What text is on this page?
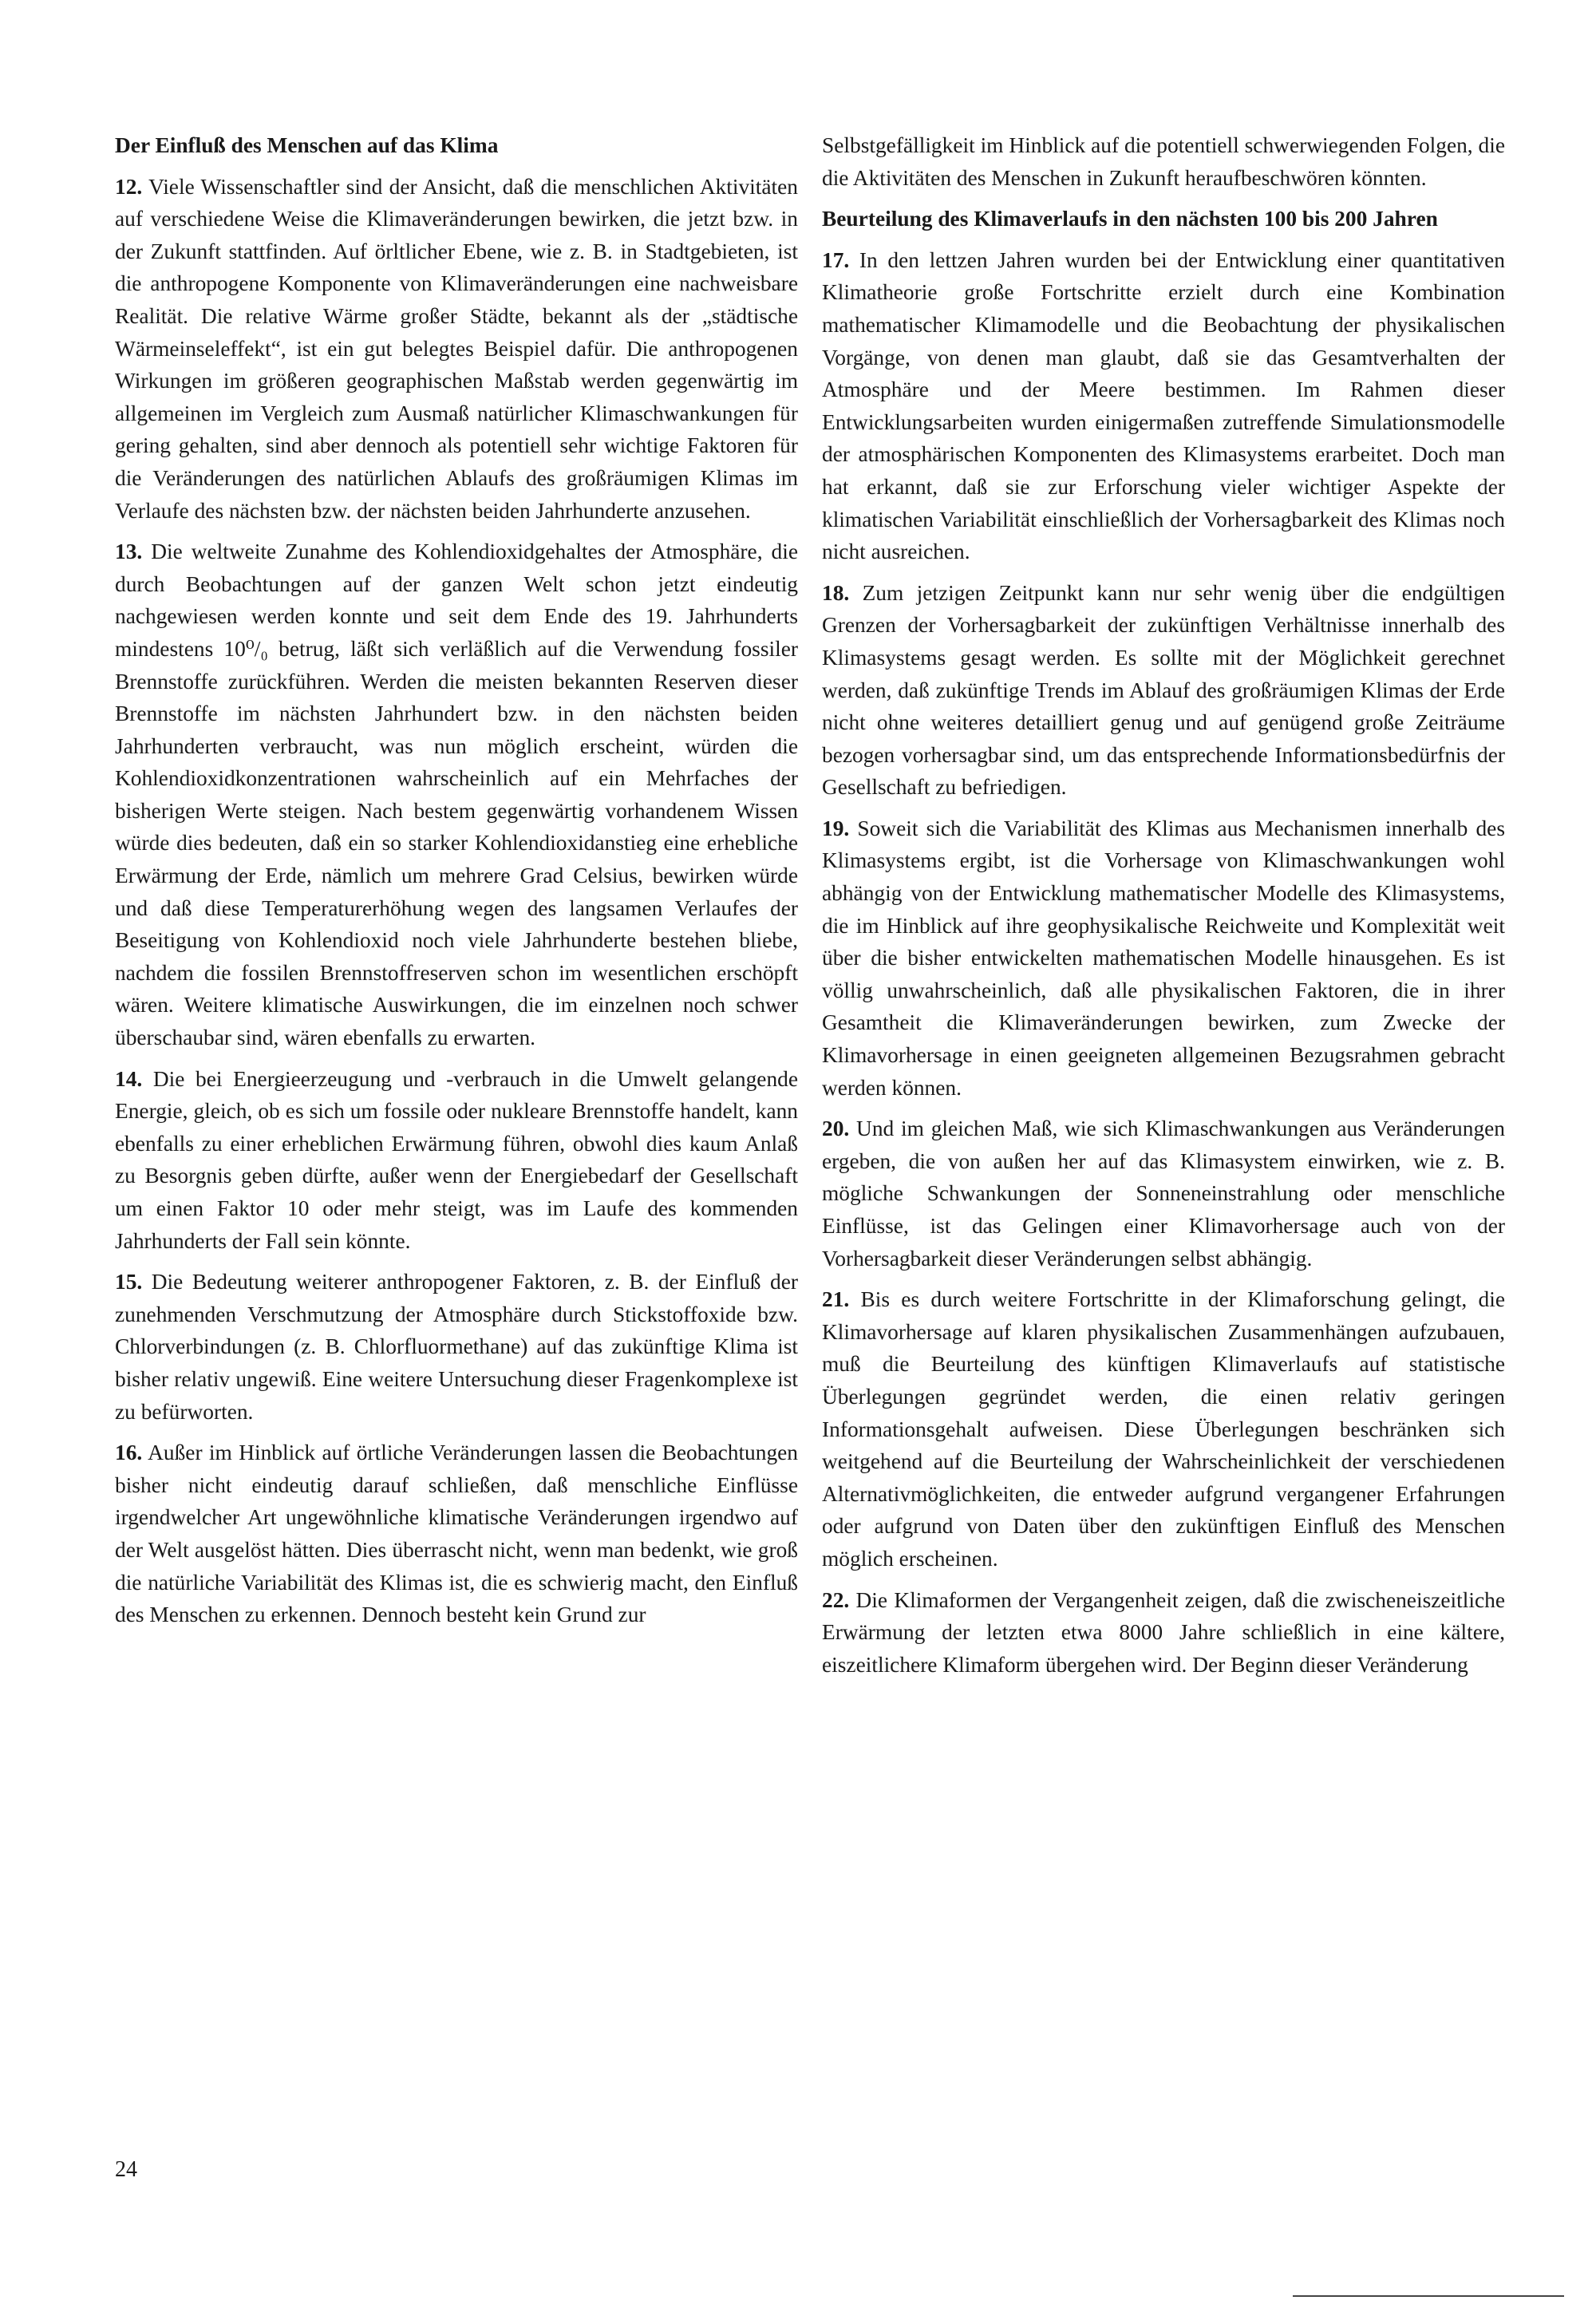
Der Einfluß des Menschen auf das Klima

12. Viele Wissenschaftler sind der Ansicht, daß die menschlichen Aktivitäten auf verschiedene Weise die Klimaveränderungen bewirken, die jetzt bzw. in der Zukunft stattfinden. Auf örltlicher Ebene, wie z. B. in Stadtgebieten, ist die anthropogene Komponente von Klimaveränderungen eine nachweisbare Realität. Die relative Wärme großer Städte, bekannt als der „städtische Wärmeinseleffekt“, ist ein gut belegtes Beispiel dafür. Die anthropogenen Wirkungen im größeren geographischen Maßstab werden gegenwärtig im allgemeinen im Vergleich zum Ausmaß natürlicher Klimaschwankungen für gering gehalten, sind aber dennoch als potentiell sehr wichtige Faktoren für die Veränderungen des natürlichen Ablaufs des großräumigen Klimas im Verlaufe des nächsten bzw. der nächsten beiden Jahrhunderte anzusehen.

13. Die weltweite Zunahme des Kohlendioxidgehaltes der Atmosphäre, die durch Beobachtungen auf der ganzen Welt schon jetzt eindeutig nachgewiesen werden konnte und seit dem Ende des 19. Jahrhunderts mindestens 10⁰/₀ betrug, läßt sich verläßlich auf die Verwendung fossiler Brennstoffe zurückführen. Werden die meisten bekannten Reserven dieser Brennstoffe im nächsten Jahrhundert bzw. in den nächsten beiden Jahrhunderten verbraucht, was nun möglich erscheint, würden die Kohlendioxidkonzentrationen wahrscheinlich auf ein Mehrfaches der bisherigen Werte steigen. Nach bestem gegenwärtig vorhandenem Wissen würde dies bedeuten, daß ein so starker Kohlendioxidanstieg eine erhebliche Erwärmung der Erde, nämlich um mehrere Grad Celsius, bewirken würde und daß diese Temperaturerhöhung wegen des langsamen Verlaufes der Beseitigung von Kohlendioxid noch viele Jahrhunderte bestehen bliebe, nachdem die fossilen Brennstoffreserven schon im wesentlichen erschöpft wären. Weitere klimatische Auswirkungen, die im einzelnen noch schwer überschaubar sind, wären ebenfalls zu erwarten.

14. Die bei Energieerzeugung und -verbrauch in die Umwelt gelangende Energie, gleich, ob es sich um fossile oder nukleare Brennstoffe handelt, kann ebenfalls zu einer erheblichen Erwärmung führen, obwohl dies kaum Anlaß zu Besorgnis geben dürfte, außer wenn der Energiebedarf der Gesellschaft um einen Faktor 10 oder mehr steigt, was im Laufe des kommenden Jahrhunderts der Fall sein könnte.

15. Die Bedeutung weiterer anthropogener Faktoren, z. B. der Einfluß der zunehmenden Verschmutzung der Atmosphäre durch Stickstoffoxide bzw. Chlorverbindungen (z. B. Chlorfluormethane) auf das zukünftige Klima ist bisher relativ ungewiß. Eine weitere Untersuchung dieser Fragenkomplexe ist zu befürworten.

16. Außer im Hinblick auf örtliche Veränderungen lassen die Beobachtungen bisher nicht eindeutig darauf schließen, daß menschliche Einflüsse irgendwelcher Art ungewöhnliche klimatische Veränderungen irgendwo auf der Welt ausgelöst hätten. Dies überrascht nicht, wenn man bedenkt, wie groß die natürliche Variabilität des Klimas ist, die es schwierig macht, den Einfluß des Menschen zu erkennen. Dennoch besteht kein Grund zur

Selbstgefälligkeit im Hinblick auf die potentiell schwerwiegenden Folgen, die die Aktivitäten des Menschen in Zukunft heraufbeschwören könnten.

Beurteilung des Klimaverlaufs in den nächsten 100 bis 200 Jahren

17. In den lettzen Jahren wurden bei der Entwicklung einer quantitativen Klimatheorie große Fortschritte erzielt durch eine Kombination mathematischer Klimamodelle und die Beobachtung der physikalischen Vorgänge, von denen man glaubt, daß sie das Gesamtverhalten der Atmosphäre und der Meere bestimmen. Im Rahmen dieser Entwicklungsarbeiten wurden einigermaßen zutreffende Simulationsmodelle der atmosphärischen Komponenten des Klimasystems erarbeitet. Doch man hat erkannt, daß sie zur Erforschung vieler wichtiger Aspekte der klimatischen Variabilität einschließlich der Vorhersagbarkeit des Klimas noch nicht ausreichen.

18. Zum jetzigen Zeitpunkt kann nur sehr wenig über die endgültigen Grenzen der Vorhersagbarkeit der zukünftigen Verhältnisse innerhalb des Klimasystems gesagt werden. Es sollte mit der Möglichkeit gerechnet werden, daß zukünftige Trends im Ablauf des großräumigen Klimas der Erde nicht ohne weiteres detailliert genug und auf genügend große Zeiträume bezogen vorhersagbar sind, um das entsprechende Informationsbedürfnis der Gesellschaft zu befriedigen.

19. Soweit sich die Variabilität des Klimas aus Mechanismen innerhalb des Klimasystems ergibt, ist die Vorhersage von Klimaschwankungen wohl abhängig von der Entwicklung mathematischer Modelle des Klimasystems, die im Hinblick auf ihre geophysikalische Reichweite und Komplexität weit über die bisher entwickelten mathematischen Modelle hinausgehen. Es ist völlig unwahrscheinlich, daß alle physikalischen Faktoren, die in ihrer Gesamtheit die Klimaveränderungen bewirken, zum Zwecke der Klimavorhersage in einen geeigneten allgemeinen Bezugsrahmen gebracht werden können.

20. Und im gleichen Maß, wie sich Klimaschwankungen aus Veränderungen ergeben, die von außen her auf das Klimasystem einwirken, wie z. B. mögliche Schwankungen der Sonneneinstrahlung oder menschliche Einflüsse, ist das Gelingen einer Klimavorhersage auch von der Vorhersagbarkeit dieser Veränderungen selbst abhängig.

21. Bis es durch weitere Fortschritte in der Klimaforschung gelingt, die Klimavorhersage auf klaren physikalischen Zusammenhängen aufzubauen, muß die Beurteilung des künftigen Klimaverlaufs auf statistische Überlegungen gegründet werden, die einen relativ geringen Informationsgehalt aufweisen. Diese Überlegungen beschränken sich weitgehend auf die Beurteilung der Wahrscheinlichkeit der verschiedenen Alternativmöglichkeiten, die entweder aufgrund vergangener Erfahrungen oder aufgrund von Daten über den zukünftigen Einfluß des Menschen möglich erscheinen.

22. Die Klimaformen der Vergangenheit zeigen, daß die zwischeneiszeitliche Erwärmung der letzten etwa 8000 Jahre schließlich in eine kältere, eiszeitlichere Klimaform übergehen wird. Der Beginn dieser Veränderung

24
